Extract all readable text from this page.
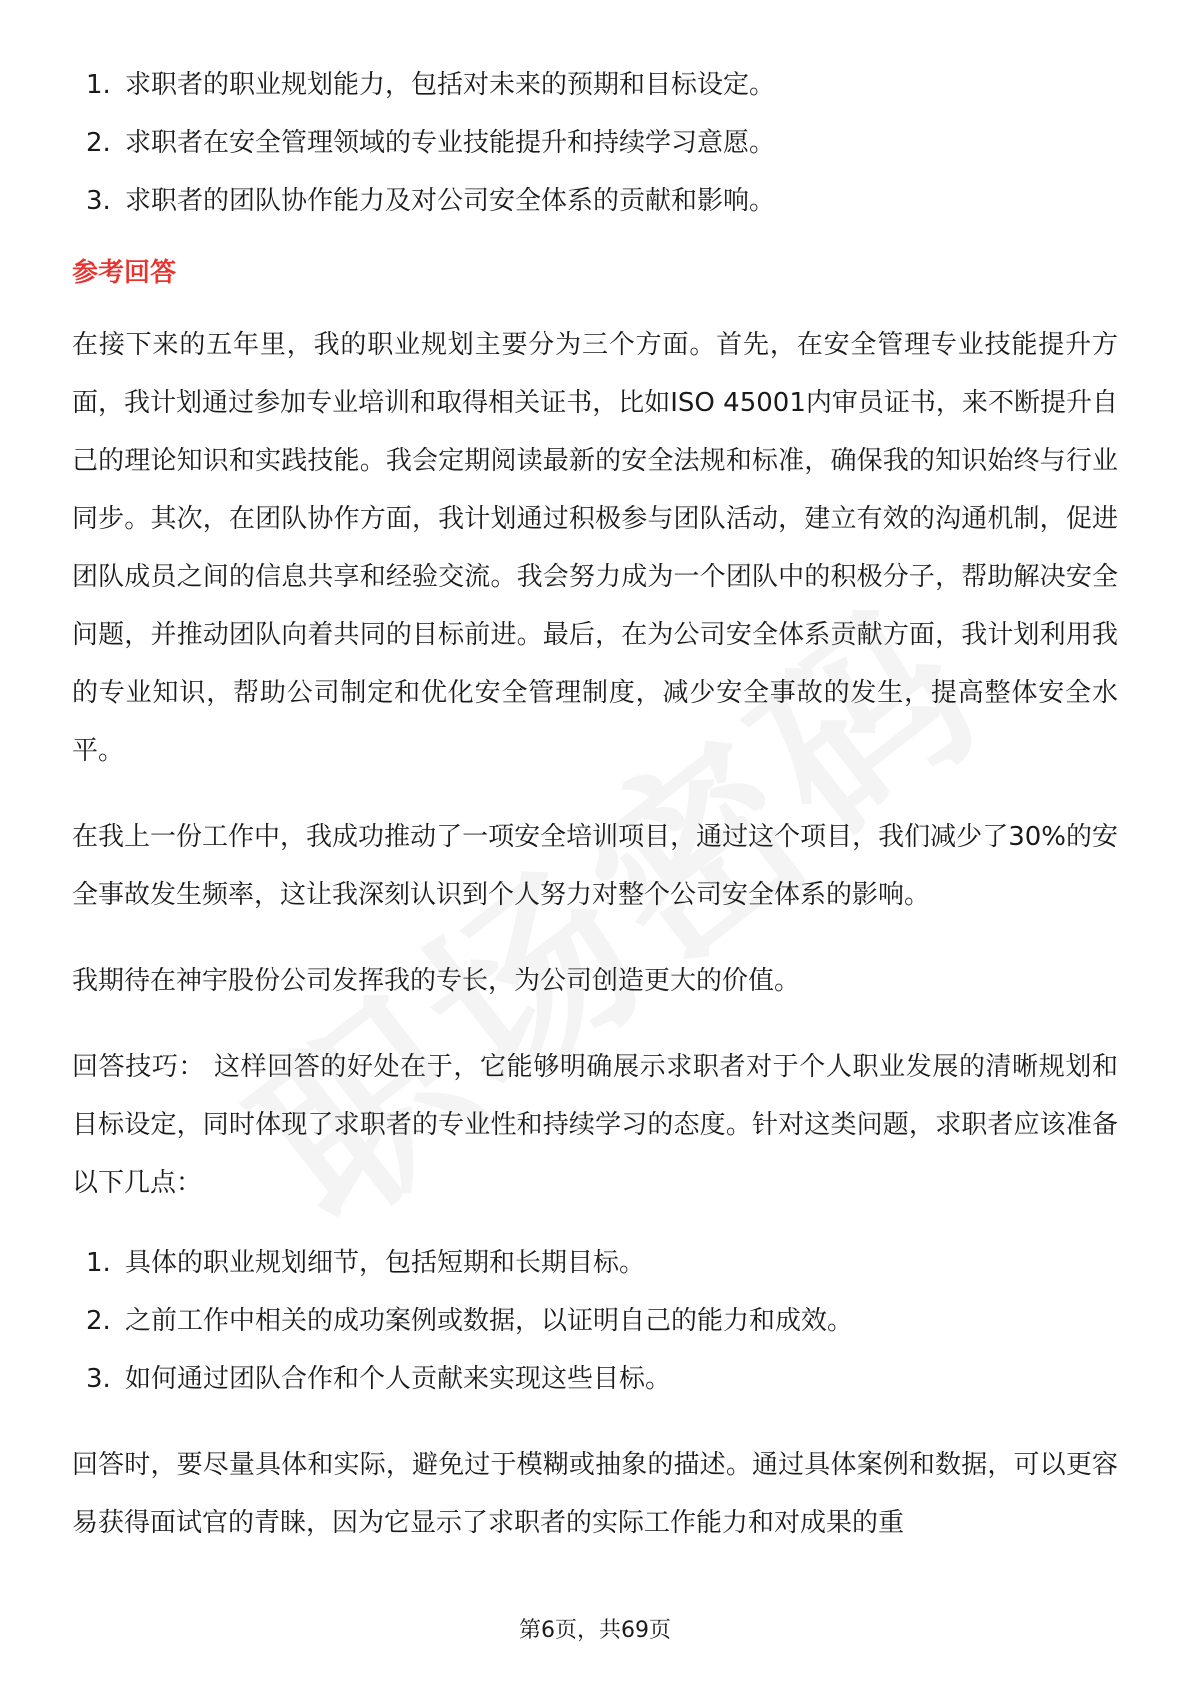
1. 求职者的职业规划能力，包括对未来的预期和目标设定。
2. 求职者在安全管理领域的专业技能提升和持续学习意愿。
3. 求职者的团队协作能力及对公司安全体系的贡献和影响。
参考回答

在接下来的五年里，我的职业规划主要分为三个方面。首先，在安全管理专业技能提升方面，我计划通过参加专业培训和取得相关证书，比如ISO 45001内审员证书，来不断提升自己的理论知识和实践技能。我会定期阅读最新的安全法规和标准，确保我的知识始终与行业同步。其次，在团队协作方面，我计划通过积极参与团队活动，建立有效的沟通机制，促进团队成员之间的信息共享和经验交流。我会努力成为一个团队中的积极分子，帮助解决安全问题，并推动团队向着共同的目标前进。最后，在为公司安全体系贡献方面，我计划利用我的专业知识，帮助公司制定和优化安全管理制度，减少安全事故的发生，提高整体安全水平。

在我上一份工作中，我成功推动了一项安全培训项目，通过这个项目，我们减少了30%的安全事故发生频率，这让我深刻认识到个人努力对整个公司安全体系的影响。

我期待在神宇股份公司发挥我的专长，为公司创造更大的价值。

回答技巧： 这样回答的好处在于，它能够明确展示求职者对于个人职业发展的清晰规划和目标设定，同时体现了求职者的专业性和持续学习的态度。针对这类问题，求职者应该准备以下几点：

1. 具体的职业规划细节，包括短期和长期目标。
2. 之前工作中相关的成功案例或数据，以证明自己的能力和成效。
3. 如何通过团队合作和个人贡献来实现这些目标。

回答时，要尽量具体和实际，避免过于模糊或抽象的描述。通过具体案例和数据，可以更容易获得面试官的青睐，因为它显示了求职者的实际工作能力和对成果的重

第6页，共69页
